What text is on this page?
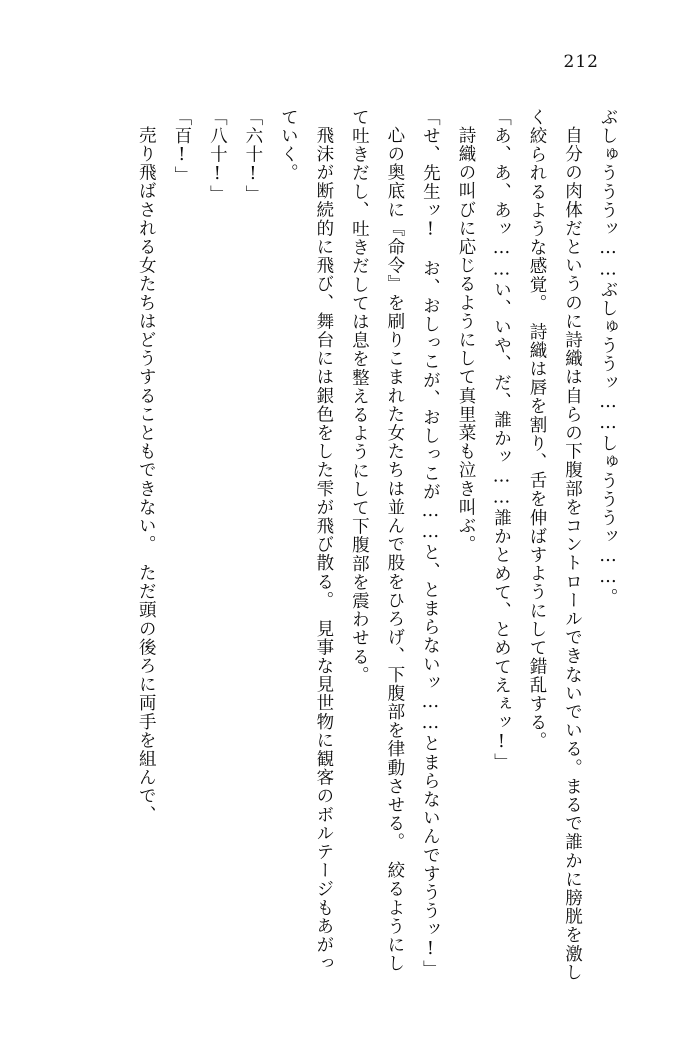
212

ぶしゅうううッ……ぶしゅううッ……しゅうううッ……。

自分の肉体だというのに詩織は自らの下腹部をコントロールできないでいる。まるで誰かに膀胱を激しく絞られるような感覚。　詩織は唇を割り、舌を伸ばすようにして錯乱する。

「あ、あ、あッ……い、いや、だ、誰かッ……誰かとめて、とめてえぇッ!」

詩織の叫びに応じるようにして真里菜も泣き叫ぶ。

「せ、先生ッ!　お、おしっこが、おしっこが……と、とまらないッ……とまらないんですううッ!」

心の奥底に『命令』を刷りこまれた女たちは並んで股をひろげ、下腹部を律動させる。　絞るようにして吐きだし、吐きだしては息を整えるようにして下腹部を震わせる。

飛沫が断続的に飛び、舞台には銀色をした雫が飛び散る。　見事な見世物に観客のボルテージもあがっていく。

「六十!」

「八十!」

「百!」

売り飛ばされる女たちはどうすることもできない。　ただ頭の後ろに両手を組んで、
